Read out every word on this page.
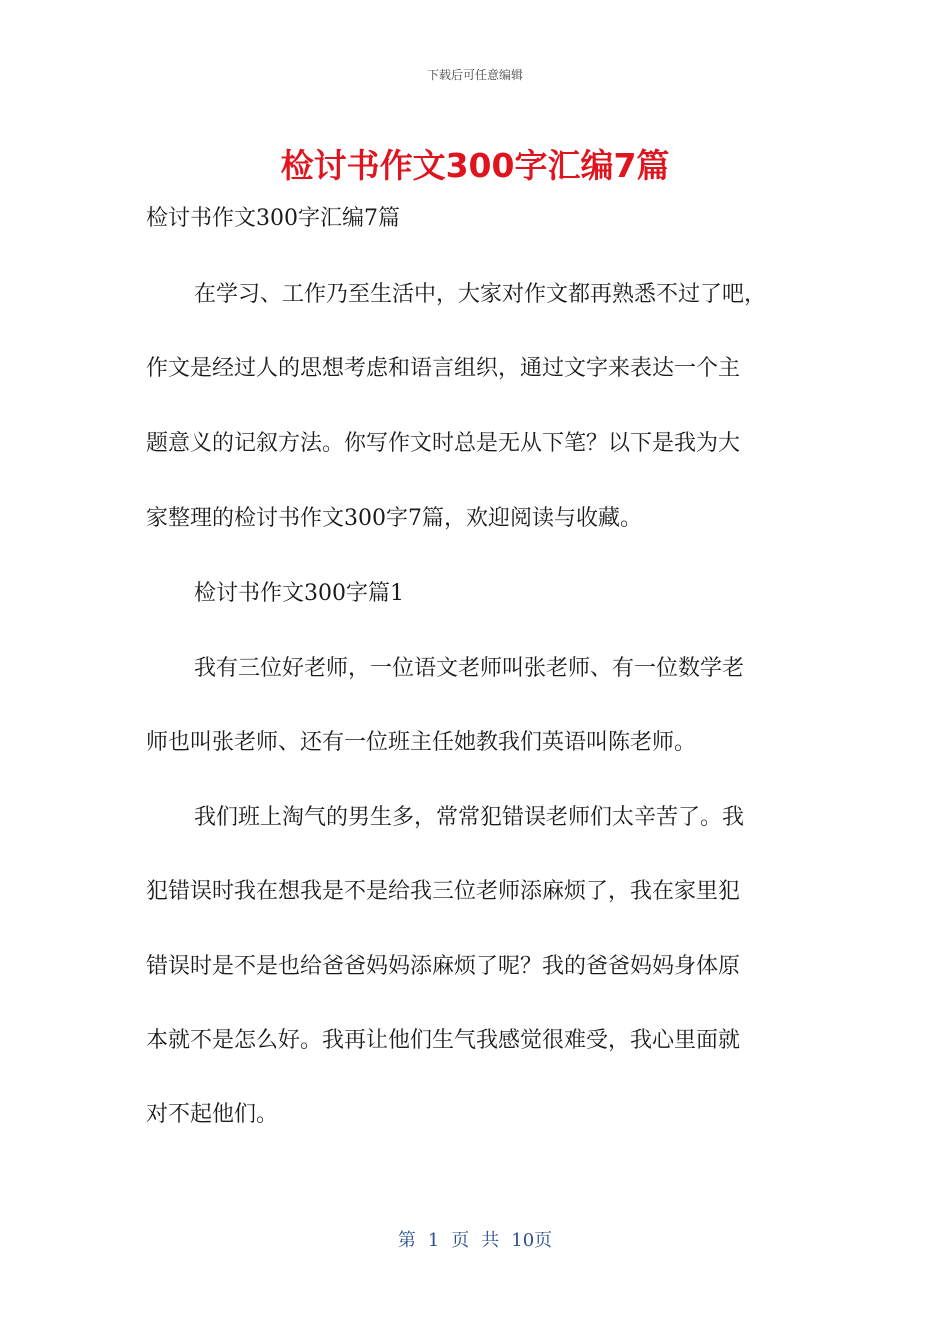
下载后可任意编辑
检讨书作文300字汇编7篇
检讨书作文300字汇编7篇
在学习、工作乃至生活中，大家对作文都再熟悉不过了吧，
作文是经过人的思想考虑和语言组织，通过文字来表达一个主
题意义的记叙方法。你写作文时总是无从下笔？以下是我为大
家整理的检讨书作文300字7篇，欢迎阅读与收藏。
检讨书作文300字篇1
我有三位好老师，一位语文老师叫张老师、有一位数学老
师也叫张老师、还有一位班主任她教我们英语叫陈老师。
我们班上淘气的男生多，常常犯错误老师们太辛苦了。我
犯错误时我在想我是不是给我三位老师添麻烦了，我在家里犯
错误时是不是也给爸爸妈妈添麻烦了呢？我的爸爸妈妈身体原
本就不是怎么好。我再让他们生气我感觉很难受，我心里面就
对不起他们。
第 1 页 共 10页
